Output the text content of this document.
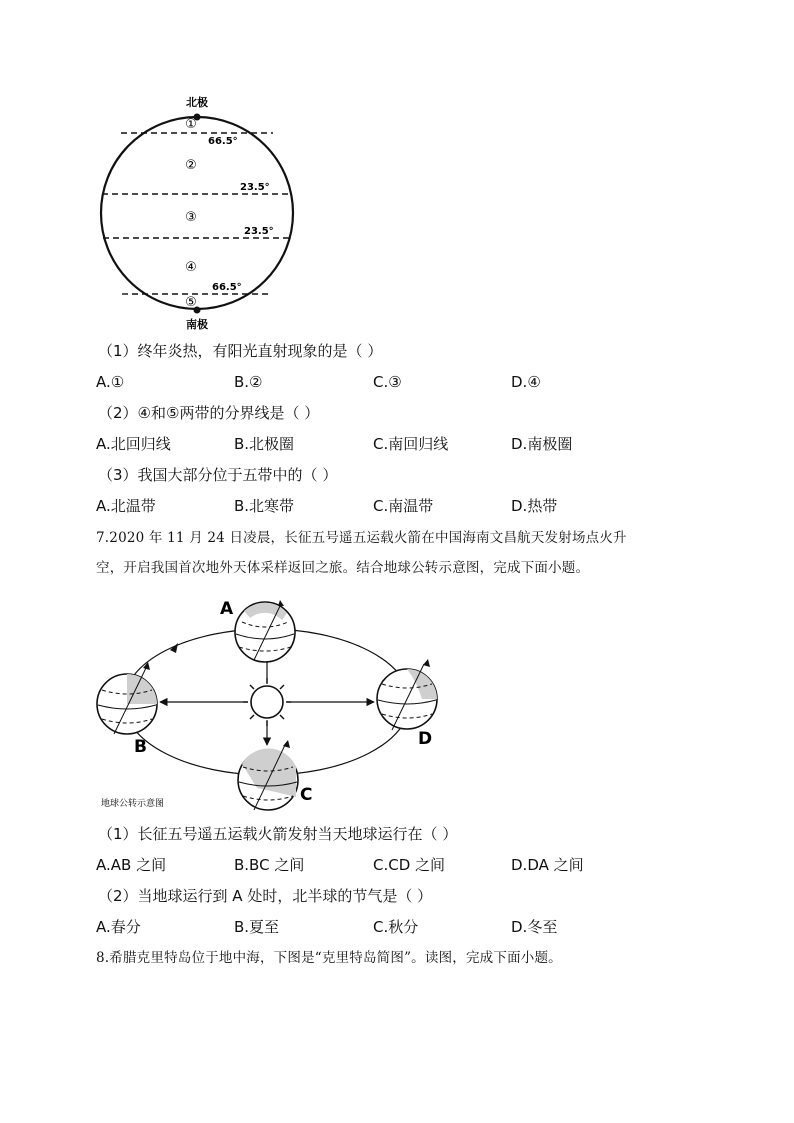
北极
南极
①
②
③
④
⑤
66.5°
23.5°
23.5°
66.5°
（1）终年炎热，有阳光直射现象的是（ ）
A.①	B.②	C.③	D.④
（2）④和⑤两带的分界线是（ ）
A.北回归线	B.北极圈	C.南回归线	D.南极圈
（3）我国大部分位于五带中的（ ）
A.北温带	B.北寒带	C.南温带	D.热带
7.2020 年 11 月 24 日凌晨，长征五号遥五运载火箭在中国海南文昌航天发射场点火升
空，开启我国首次地外天体采样返回之旅。结合地球公转示意图，完成下面小题。
A
B
C
D
地球公转示意图
（1）长征五号遥五运载火箭发射当天地球运行在（ ）
A.AB 之间	B.BC 之间	C.CD 之间	D.DA 之间
（2）当地球运行到 A 处时，北半球的节气是（ ）
A.春分	B.夏至	C.秋分	D.冬至
8.希腊克里特岛位于地中海，下图是“克里特岛简图”。读图，完成下面小题。
